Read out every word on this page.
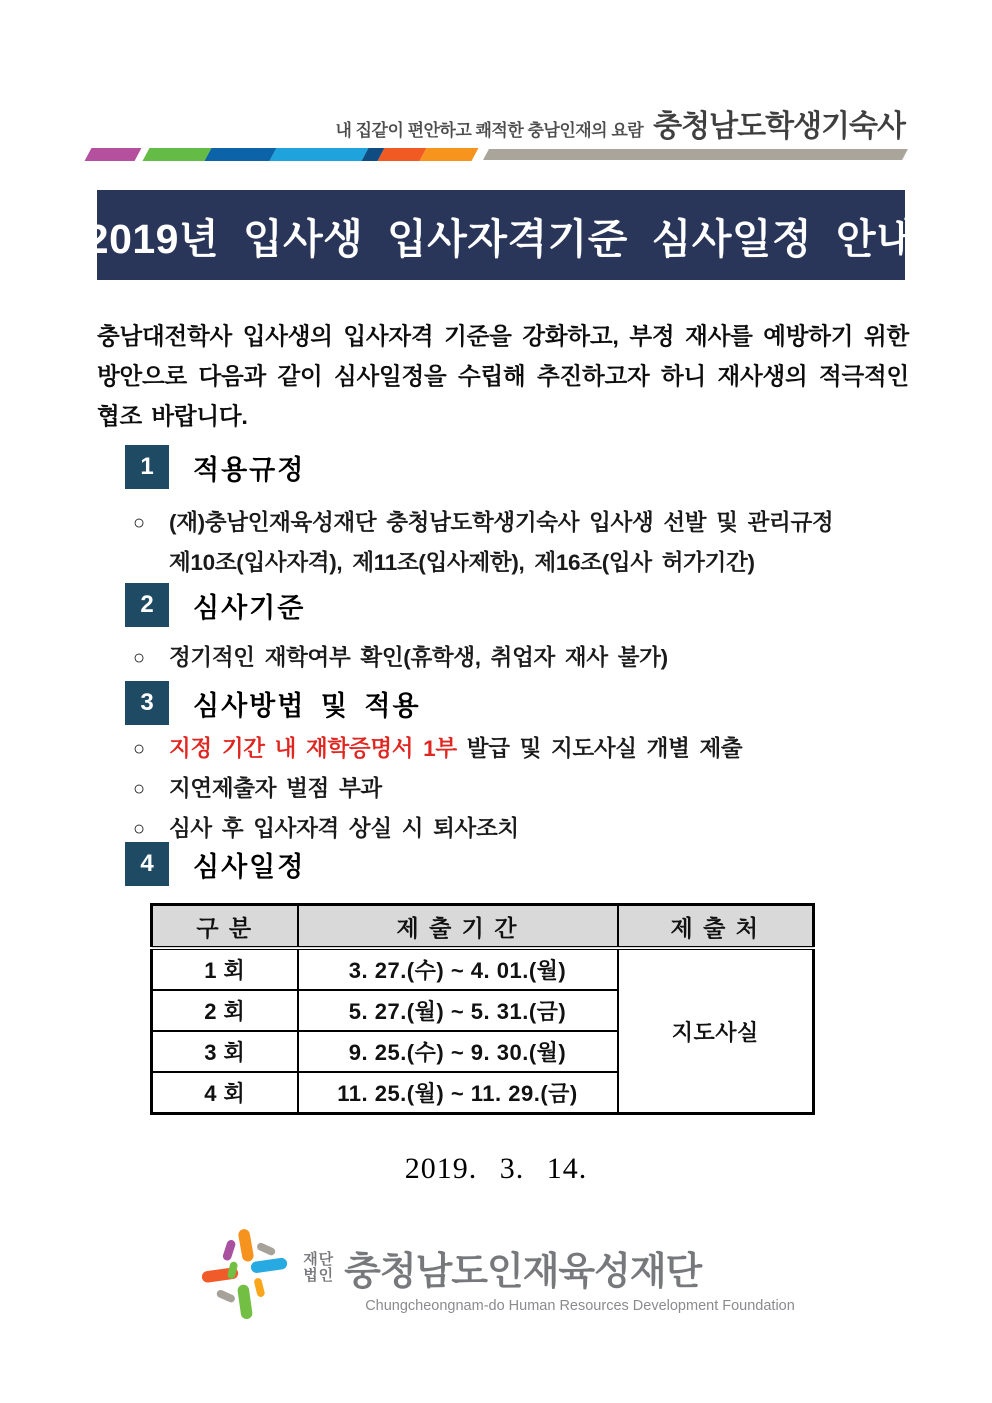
내 집같이 편안하고 쾌적한 충남인재의 요람 충청남도학생기숙사
2019년 입사생 입사자격기준 심사일정 안내

충남대전학사 입사생의 입사자격 기준을 강화하고, 부정 재사를 예방하기 위한 방안으로 다음과 같이 심사일정을 수립해 추진하고자 하니 재사생의 적극적인 협조 바랍니다.

1	적용규정
○	(재)충남인재육성재단 충청남도학생기숙사 입사생 선발 및 관리규정
제10조(입사자격), 제11조(입사제한), 제16조(입사 허가기간)
2	심사기준
○	정기적인 재학여부 확인(휴학생, 취업자 재사 불가)
3	심사방법 및 적용
○	지정 기간 내 재학증명서 1부 발급 및 지도사실 개별 제출
○	지연제출자 벌점 부과
○	심사 후 입사자격 상실 시 퇴사조치
4	심사일정
구 분	제 출 기 간	제 출 처
1 회	3. 27.(수) ~ 4. 01.(월)	지도사실
2 회	5. 27.(월) ~ 5. 31.(금)	
3 회	9. 25.(수) ~ 9. 30.(월)	
4 회	11. 25.(월) ~ 11. 29.(금)	
2019. 3. 14.
재단
법인 충청남도인재육성재단
Chungcheongnam-do Human Resources Development Foundation
